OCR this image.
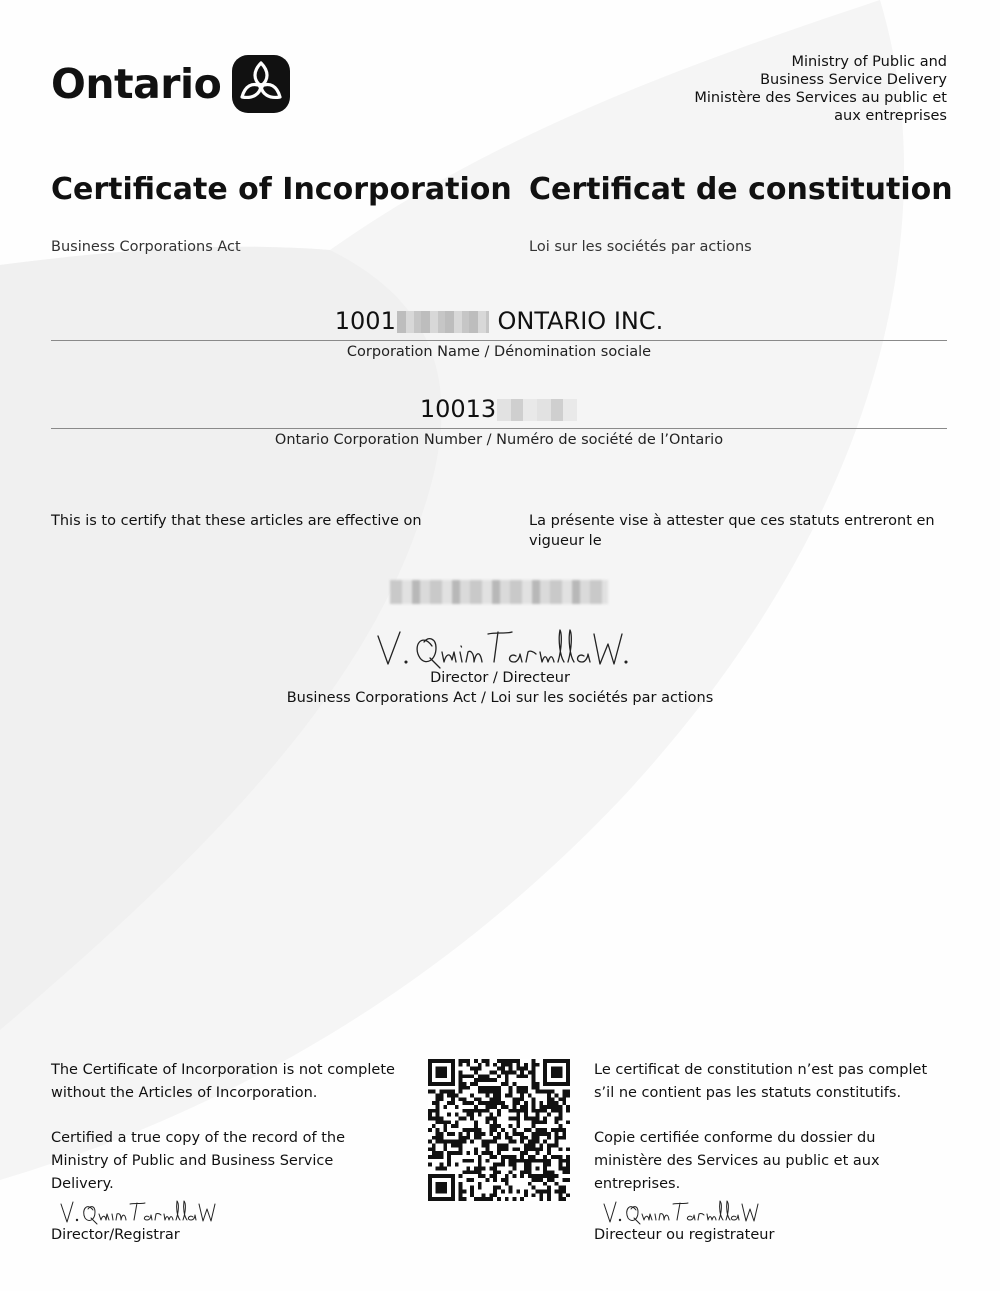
Ontario	Ministry of Public and
Business Service Delivery
Ministère des Services au public et
aux entreprises
Certificate of Incorporation Certificat de constitution
Business Corporations Act	Loi sur les sociétés par actions
1001	ONTARIO INC.
Corporation Name / Dénomination sociale
10013
Ontario Corporation Number / Numéro de société de l’Ontario
This is to certify that these articles are effective on	La présente vise à attester que ces statuts entreront en vigueur le
Director / Directeur
Business Corporations Act / Loi sur les sociétés par actions

The Certificate of Incorporation is not complete without the Articles of Incorporation.

Certified a true copy of the record of the Ministry of Public and Business Service Delivery.

Director/Registrar

Le certificat de constitution n’est pas complet s’il ne contient pas les statuts constitutifs.

Copie certifiée conforme du dossier du ministère des Services au public et aux entreprises.

Directeur ou registrateur
